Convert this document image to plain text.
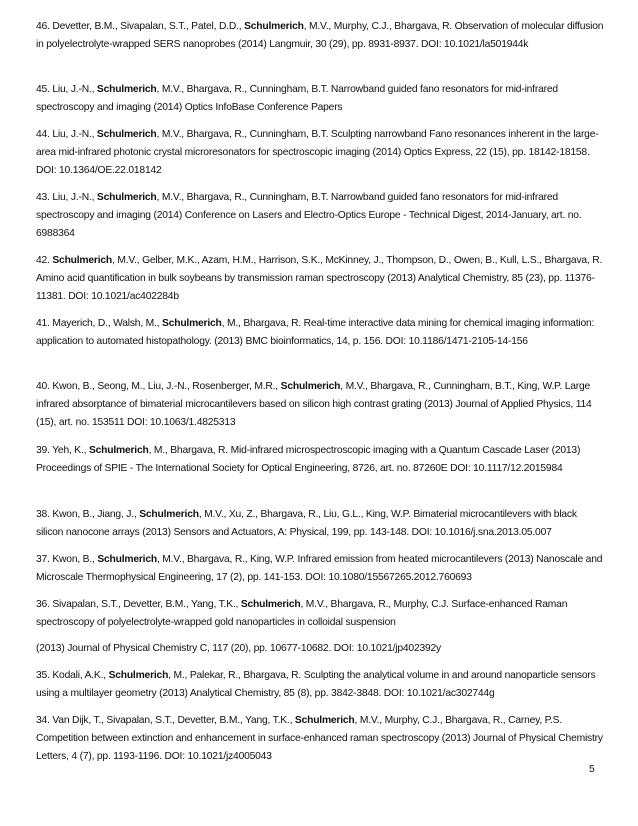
46. Devetter, B.M., Sivapalan, S.T., Patel, D.D., Schulmerich, M.V., Murphy, C.J., Bhargava, R. Observation of molecular diffusion in polyelectrolyte-wrapped SERS nanoprobes (2014) Langmuir, 30 (29), pp. 8931-8937. DOI: 10.1021/la501944k

45. Liu, J.-N., Schulmerich, M.V., Bhargava, R., Cunningham, B.T. Narrowband guided fano resonators for mid-infrared spectroscopy and imaging (2014) Optics InfoBase Conference Papers

44. Liu, J.-N., Schulmerich, M.V., Bhargava, R., Cunningham, B.T. Sculpting narrowband Fano resonances inherent in the large-area mid-infrared photonic crystal microresonators for spectroscopic imaging (2014) Optics Express, 22 (15), pp. 18142-18158. DOI: 10.1364/OE.22.018142

43. Liu, J.-N., Schulmerich, M.V., Bhargava, R., Cunningham, B.T. Narrowband guided fano resonators for mid-infrared spectroscopy and imaging (2014) Conference on Lasers and Electro-Optics Europe - Technical Digest, 2014-January, art. no. 6988364

42. Schulmerich, M.V., Gelber, M.K., Azam, H.M., Harrison, S.K., McKinney, J., Thompson, D., Owen, B., Kull, L.S., Bhargava, R. Amino acid quantification in bulk soybeans by transmission raman spectroscopy (2013) Analytical Chemistry, 85 (23), pp. 11376-11381. DOI: 10.1021/ac402284b

41. Mayerich, D., Walsh, M., Schulmerich, M., Bhargava, R. Real-time interactive data mining for chemical imaging information: application to automated histopathology. (2013) BMC bioinformatics, 14, p. 156. DOI: 10.1186/1471-2105-14-156

40. Kwon, B., Seong, M., Liu, J.-N., Rosenberger, M.R., Schulmerich, M.V., Bhargava, R., Cunningham, B.T., King, W.P. Large infrared absorptance of bimaterial microcantilevers based on silicon high contrast grating (2013) Journal of Applied Physics, 114 (15), art. no. 153511 DOI: 10.1063/1.4825313

39. Yeh, K., Schulmerich, M., Bhargava, R. Mid-infrared microspectroscopic imaging with a Quantum Cascade Laser (2013) Proceedings of SPIE - The International Society for Optical Engineering, 8726, art. no. 87260E DOI: 10.1117/12.2015984

38. Kwon, B., Jiang, J., Schulmerich, M.V., Xu, Z., Bhargava, R., Liu, G.L., King, W.P. Bimaterial microcantilevers with black silicon nanocone arrays (2013) Sensors and Actuators, A: Physical, 199, pp. 143-148. DOI: 10.1016/j.sna.2013.05.007

37. Kwon, B., Schulmerich, M.V., Bhargava, R., King, W.P. Infrared emission from heated microcantilevers (2013) Nanoscale and Microscale Thermophysical Engineering, 17 (2), pp. 141-153. DOI: 10.1080/15567265.2012.760693

36. Sivapalan, S.T., Devetter, B.M., Yang, T.K., Schulmerich, M.V., Bhargava, R., Murphy, C.J. Surface-enhanced Raman spectroscopy of polyelectrolyte-wrapped gold nanoparticles in colloidal suspension

(2013) Journal of Physical Chemistry C, 117 (20), pp. 10677-10682. DOI: 10.1021/jp402392y

35. Kodali, A.K., Schulmerich, M., Palekar, R., Bhargava, R. Sculpting the analytical volume in and around nanoparticle sensors using a multilayer geometry (2013) Analytical Chemistry, 85 (8), pp. 3842-3848. DOI: 10.1021/ac302744g

34. Van Dijk, T., Sivapalan, S.T., Devetter, B.M., Yang, T.K., Schulmerich, M.V., Murphy, C.J., Bhargava, R., Carney, P.S. Competition between extinction and enhancement in surface-enhanced raman spectroscopy (2013) Journal of Physical Chemistry Letters, 4 (7), pp. 1193-1196. DOI: 10.1021/jz4005043

5
